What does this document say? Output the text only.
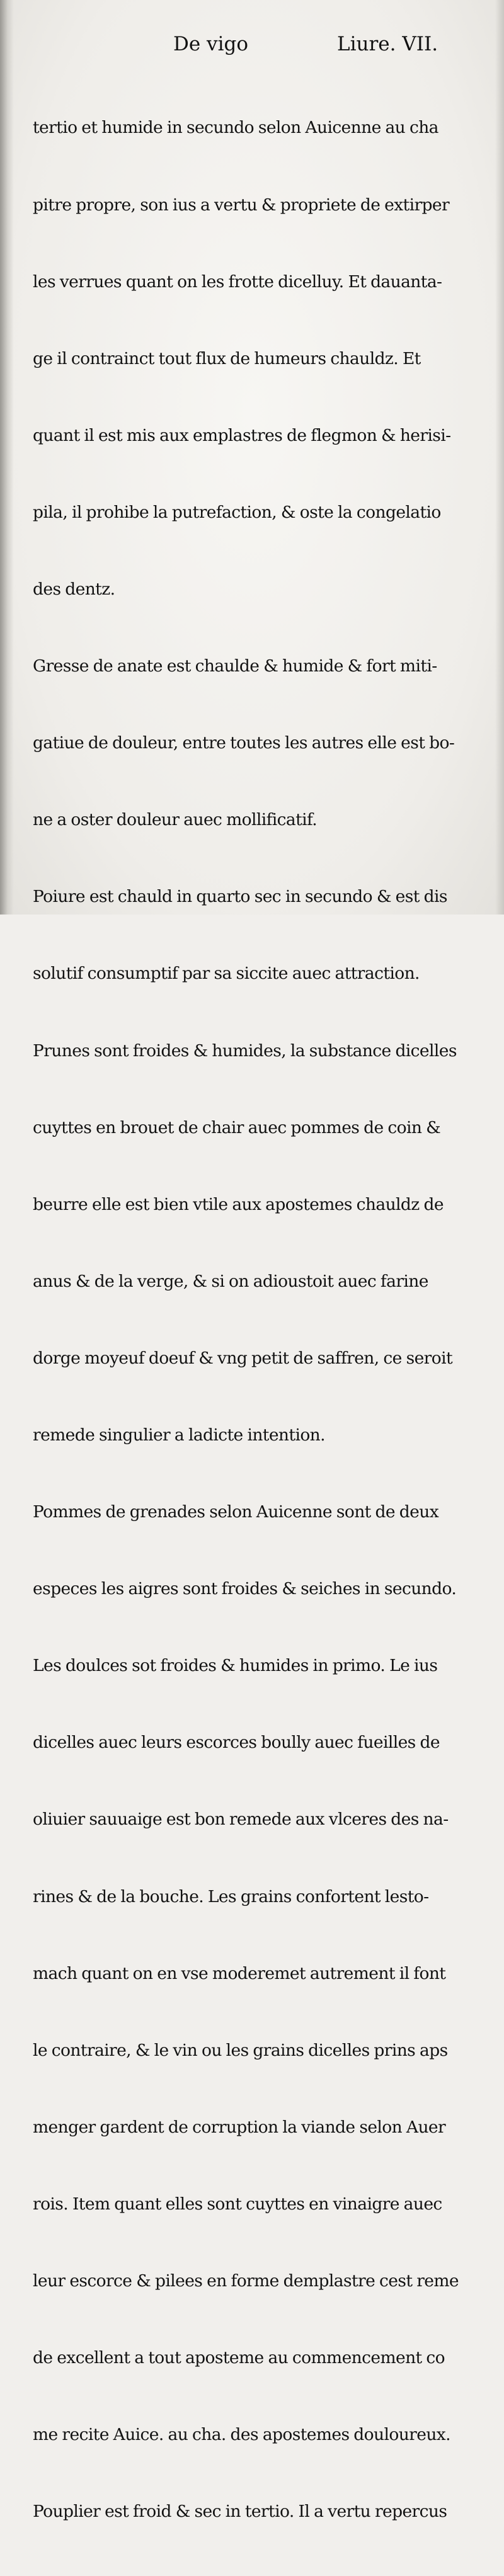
De vigo	Liure. VII.

tertio et humide in secundo selon Auicenne au cha

pitre propre, son ius a vertu & propriete de extirper

les verrues quant on les frotte dicelluy. Et dauanta-

ge il contrainct tout flux de humeurs chauldz. Et

quant il est mis aux emplastres de flegmon & herisi-

pila, il prohibe la putrefaction, & oste la congelatio

des dentz.

Gresse de anate est chaulde & humide & fort miti-

gatiue de douleur, entre toutes les autres elle est bo-

ne a oster douleur auec mollificatif.

Poiure est chauld in quarto sec in secundo & est dis

solutif consumptif par sa siccite auec attraction.

Prunes sont froides & humides, la substance dicelles

cuyttes en brouet de chair auec pommes de coin &

beurre elle est bien vtile aux apostemes chauldz de

anus & de la verge, & si on adioustoit auec farine

dorge moyeuf doeuf & vng petit de saffren, ce seroit

remede singulier a ladicte intention.

Pommes de grenades selon Auicenne sont de deux

especes les aigres sont froides & seiches in secundo.

Les doulces sot froides & humides in primo. Le ius

dicelles auec leurs escorces boully auec fueilles de

oliuier sauuaige est bon remede aux vlceres des na-

rines & de la bouche. Les grains confortent lesto-

mach quant on en vse moderemet autrement il font

le contraire, & le vin ou les grains dicelles prins aps

menger gardent de corruption la viande selon Auer

rois. Item quant elles sont cuyttes en vinaigre auec

leur escorce & pilees en forme demplastre cest reme

de excellent a tout aposteme au commencement co

me recite Auice. au cha. des apostemes douloureux.

Pouplier est froid & sec in tertio. Il a vertu repercus
